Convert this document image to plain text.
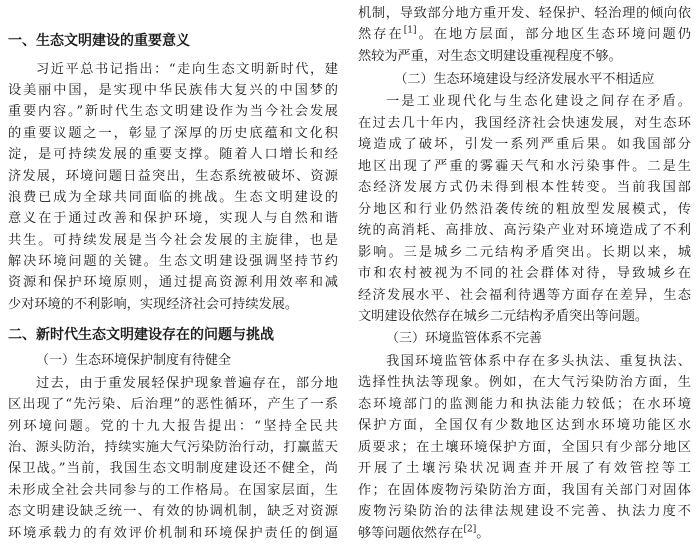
一、生态文明建设的重要意义
习近平总书记指出：“走向生态文明新时代，建
设美丽中国，是实现中华民族伟大复兴的中国梦的
重要内容。”新时代生态文明建设作为当今社会发展
的重要议题之一，彰显了深厚的历史底蕴和文化积
淀，是可持续发展的重要支撑。随着人口增长和经
济发展，环境问题日益突出，生态系统被破坏、资源
浪费已成为全球共同面临的挑战。生态文明建设的
意义在于通过改善和保护环境，实现人与自然和谐
共生。可持续发展是当今社会发展的主旋律，也是
解决环境问题的关键。生态文明建设强调坚持节约
资源和保护环境原则，通过提高资源利用效率和减
少对环境的不利影响，实现经济社会可持续发展。
二、新时代生态文明建设存在的问题与挑战
（一）生态环境保护制度有待健全
过去，由于重发展轻保护现象普遍存在，部分地
区出现了“先污染、后治理”的恶性循环，产生了一系
列环境问题。党的十九大报告提出：“坚持全民共
治、源头防治，持续实施大气污染防治行动，打赢蓝天
保卫战。”当前，我国生态文明制度建设还不健全，尚
未形成全社会共同参与的工作格局。在国家层面，生
态文明建设缺乏统一、有效的协调机制，缺乏对资源
环境承载力的有效评价机制和环境保护责任的倒逼
机制，导致部分地方重开发、轻保护、轻治理的倾向依
然存在[1]。在地方层面，部分地区生态环境问题仍
然较为严重，对生态文明建设重视程度不够。
（二）生态环境建设与经济发展水平不相适应
一是工业现代化与生态化建设之间存在矛盾。
在过去几十年内，我国经济社会快速发展，对生态环
境造成了破坏，引发一系列严重后果。如我国部分
地区出现了严重的雾霾天气和水污染事件。二是生
态经济发展方式仍未得到根本性转变。当前我国部
分地区和行业仍然沿袭传统的粗放型发展模式，传
统的高消耗、高排放、高污染产业对环境造成了不利
影响。三是城乡二元结构矛盾突出。长期以来，城
市和农村被视为不同的社会群体对待，导致城乡在
经济发展水平、社会福利待遇等方面存在差异，生态
文明建设依然存在城乡二元结构矛盾突出等问题。
（三）环境监管体系不完善
我国环境监管体系中存在多头执法、重复执法、
选择性执法等现象。例如，在大气污染防治方面，生
态环境部门的监测能力和执法能力较低；在水环境
保护方面，全国仅有少数地区达到水环境功能区水
质要求；在土壤环境保护方面，全国只有少部分地区
开展了土壤污染状况调查并开展了有效管控等工
作；在固体废物污染防治方面，我国有关部门对固体
废物污染防治的法律法规建设不完善、执法力度不
够等问题依然存在[2]。
